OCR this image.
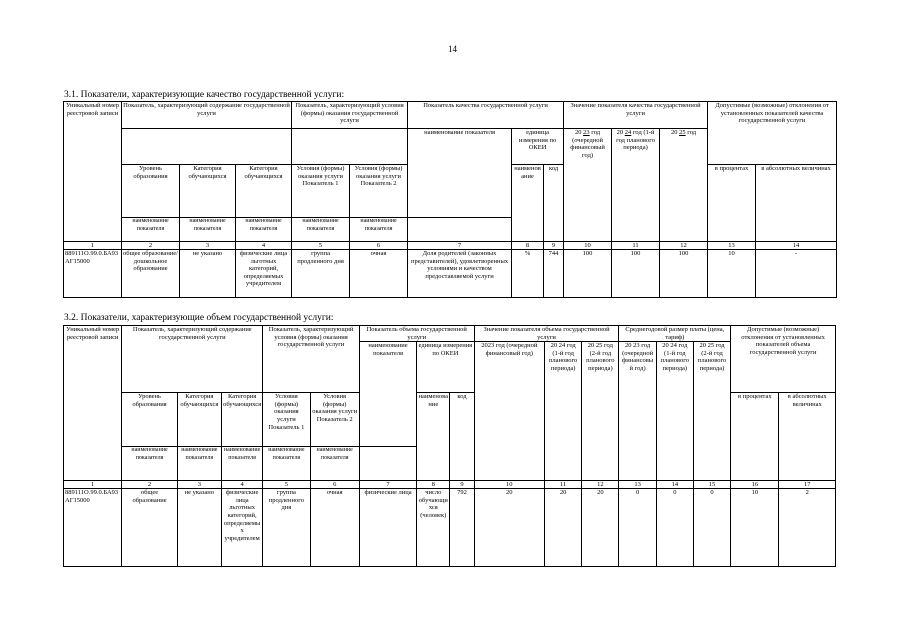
14
3.1. Показатели, характеризующие качество государственной услуги:
Уникальный номер реестровой записи	Показатель, характеризующий содержание государственной услуги			Показатель, характеризующий условия (формы) оказания государственной услуги		Показатель качества государственной услуги			Значение показателя качества государственной услуги			Допустимые (возможные) отклонения от установленных показателей качества государственной услуги	
						наименование показателя	единица измерения по ОКЕИ		20 23 год (очередной финансовый год)	20 24 год (1-й год планового периода)	20 25 год		
	Уровень образования	Категория обучающихся	Категория обучающихся	Условия (формы) оказания услуги Показатель 1	Условия (формы) оказания услуги Показатель 2		наименование	код				в процентах	в абсолютных величинах
	наименование показателя	наименование показателя	наименование показателя	наименование показателя	наименование показателя								
1	2	3	4	5	6	7	8	9	10	11	12	13	14
889111О.99.0.БА93АГ15000	общее образование/ дошкольное образование	не указано	физические лица льготных категорий, определяемых учредителем	группа продленного дня	очная	Доля родителей (законных представителей), удовлетворенных условиями и качеством предоставляемой услуги	%	744	100	100	100	10	-
3.2. Показатели, характеризующие объем государственной услуги:
Уникальный номер реестровой записи	Показатель, характеризующий содержание государственной услуги			Показатель, характеризующий условия (формы) оказания государственной услуги		Показатель объема государственной услуги			Значение показателя объема государственной услуги			Среднегодовой размер платы (цена, тариф)			Допустимые (возможные) отклонения от установленных показателей объема государственной услуги	
						наименование показателя	единица измерения по ОКЕИ		2023 год (очередной финансовый год)	20 24 год (1-й год планового периода)	20 25 год (2-й год планового периода)	20 23 год (очередной финансовый год)	20 24 год (1-й год планового периода)	20 25 год (2-й год планового периода)		
	Уровень образования	Категория обучающихся	Категория обучающихся	Условия (формы) оказания услуги Показатель 1	Условия (формы) оказания услуги Показатель 2		наименование	код							в процентах	в абсолютных величинах
	наименование показателя	наименование показателя	наименование показателя	наименование показателя	наименование показателя											
1	2	3	4	5	6	7	8	9	10	11	12	13	14	15	16	17
889111О.99.0.БА93АГ15000	общее образование	не указано	физические лица льготных категорий, определяемых учредителем	группа продленного дня	очная	физические лица	число обучающихся (человек)	792	20	20	20	0	0	0	10	2
